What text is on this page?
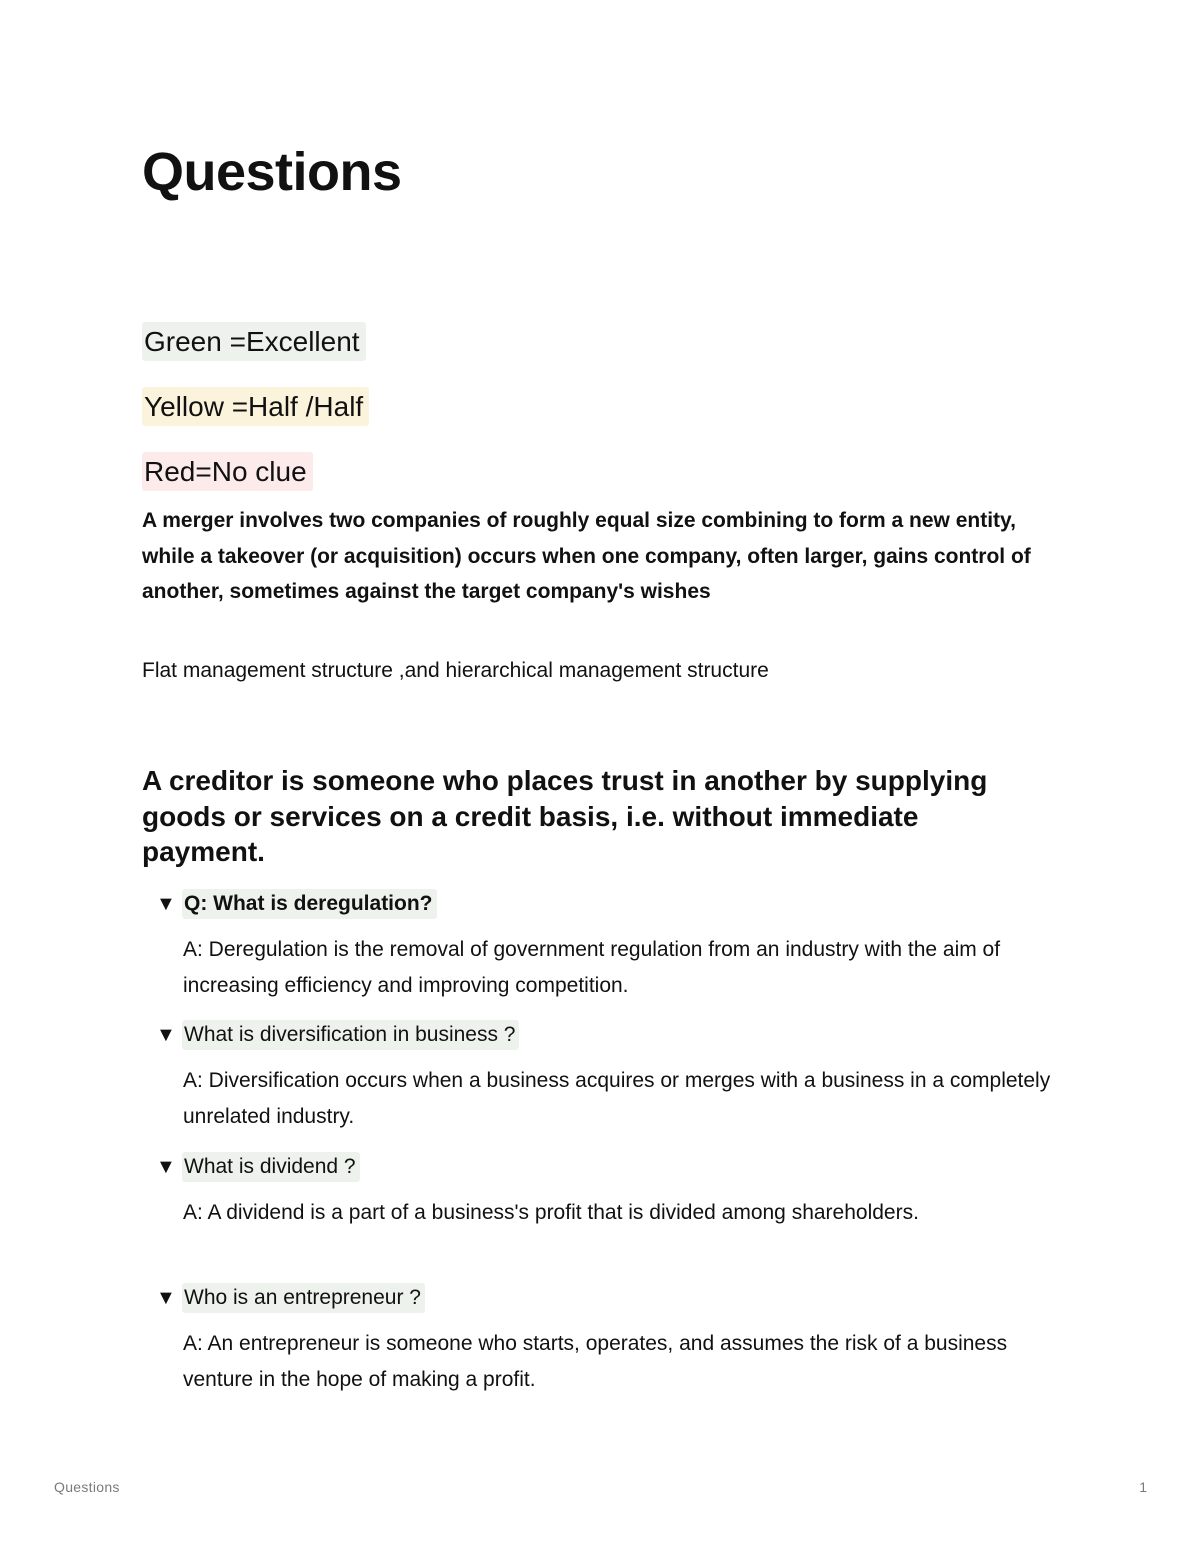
Questions
Green =Excellent
Yellow =Half /Half
Red=No clue

A merger involves two companies of roughly equal size combining to form a new entity, while a takeover (or acquisition) occurs when one company, often larger, gains control of another, sometimes against the target company's wishes

Flat management structure ,and hierarchical management structure

A creditor is someone who places trust in another by supplying goods or services on a credit basis, i.e. without immediate payment.
▼ Q: What is deregulation?
A: Deregulation is the removal of government regulation from an industry with the aim of increasing efficiency and improving competition.
▼ What is diversification in business ?
A: Diversification occurs when a business acquires or merges with a business in a completely unrelated industry.
▼ What is dividend ?
A: A dividend is a part of a business's profit that is divided among shareholders.
▼ Who is an entrepreneur ?
A: An entrepreneur is someone who starts, operates, and assumes the risk of a business venture in the hope of making a profit.
Questions	1
